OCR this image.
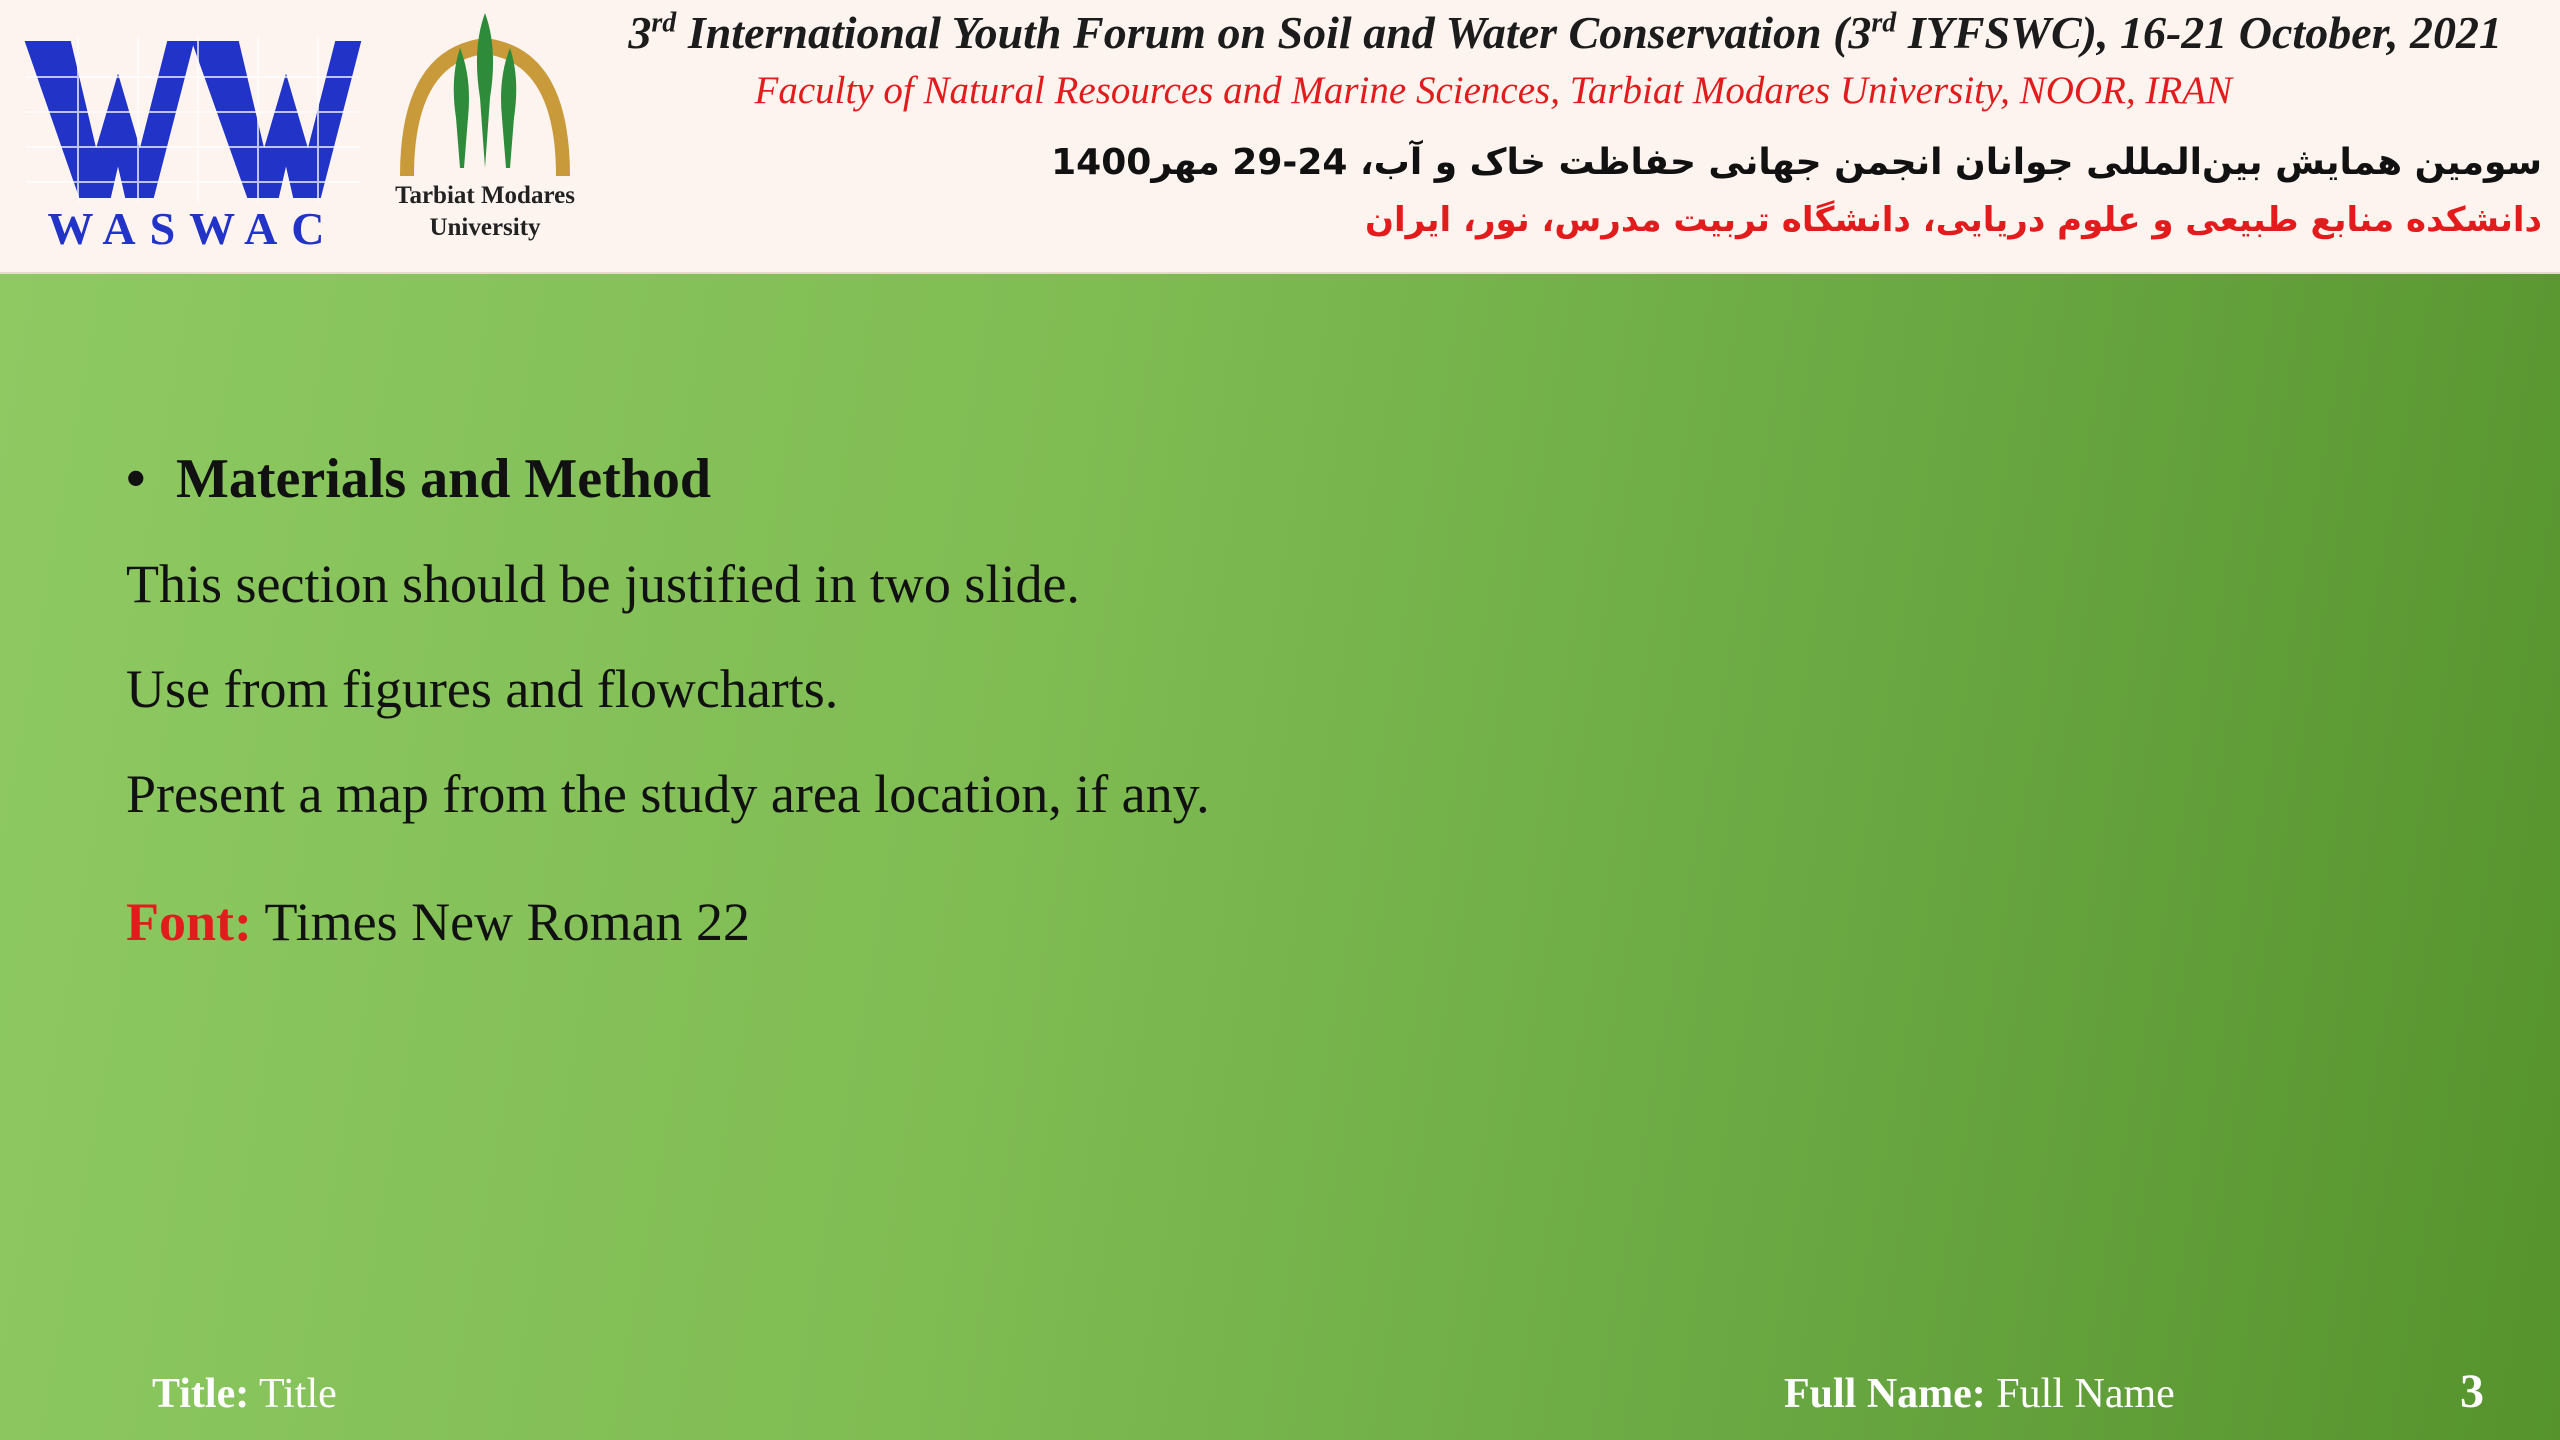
WASWAC
Tarbiat Modares
University
3rd International Youth Forum on Soil and Water Conservation (3rd IYFSWC), 16-21 October, 2021
Faculty of Natural Resources and Marine Sciences, Tarbiat Modares University, NOOR, IRAN
سومین همایش بین‌المللی جوانان انجمن جهانی حفاظت خاک و آب، 24-29 مهر1400
دانشکده منابع طبیعی و علوم دریایی، دانشگاه تربیت مدرس، نور، ایران
• Materials and Method
This section should be justified in two slide.
Use from figures and flowcharts.
Present a map from the study area location, if any.
Font: Times New Roman 22
Title: Title	Full Name: Full Name	3
